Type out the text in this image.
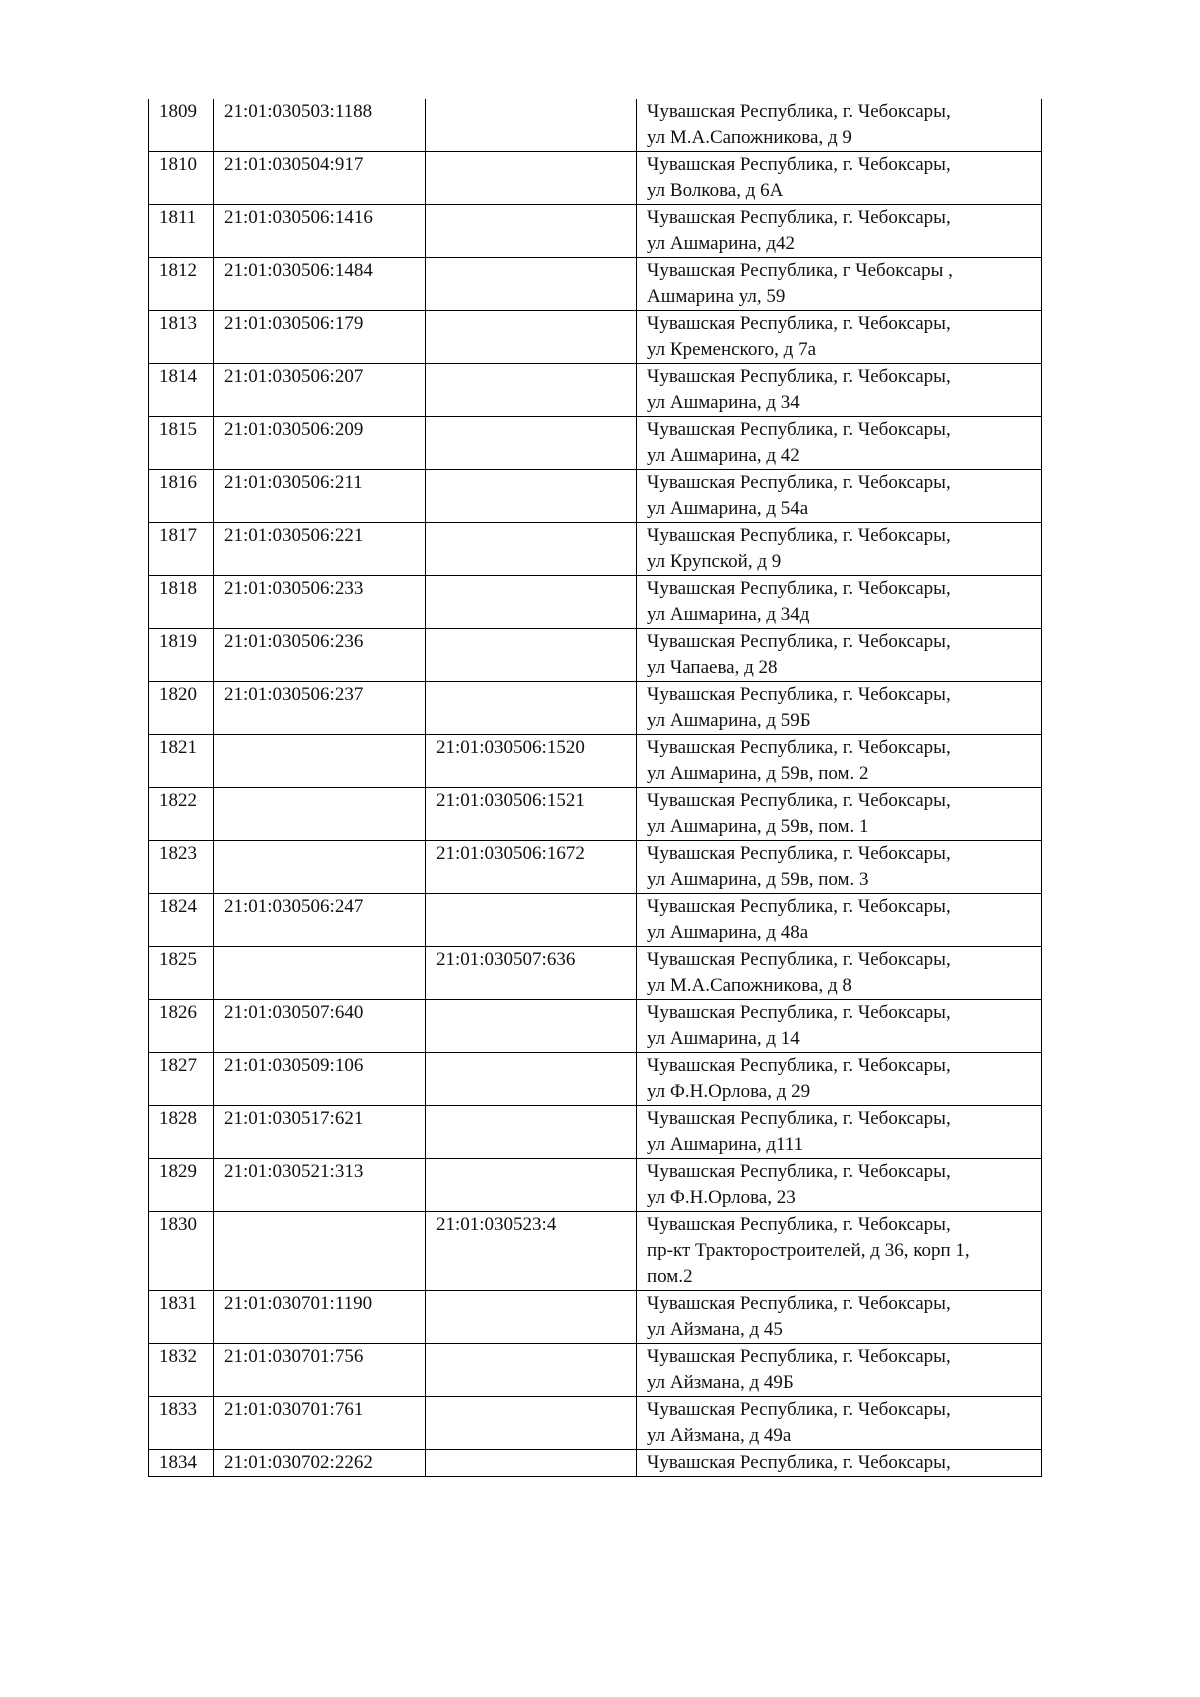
1809	21:01:030503:1188		Чувашская Республика, г. Чебоксары,
ул М.А.Сапожникова, д 9

1810	21:01:030504:917		Чувашская Республика, г. Чебоксары,
ул Волкова, д 6А

1811	21:01:030506:1416		Чувашская Республика, г. Чебоксары,
ул Ашмарина, д42

1812	21:01:030506:1484		Чувашская Республика, г Чебоксары ,
Ашмарина ул, 59

1813	21:01:030506:179		Чувашская Республика, г. Чебоксары,
ул Кременского, д 7а

1814	21:01:030506:207		Чувашская Республика, г. Чебоксары,
ул Ашмарина, д 34

1815	21:01:030506:209		Чувашская Республика, г. Чебоксары,
ул Ашмарина, д 42

1816	21:01:030506:211		Чувашская Республика, г. Чебоксары,
ул Ашмарина, д 54а

1817	21:01:030506:221		Чувашская Республика, г. Чебоксары,
ул Крупской, д 9

1818	21:01:030506:233		Чувашская Республика, г. Чебоксары,
ул Ашмарина, д 34д

1819	21:01:030506:236		Чувашская Республика, г. Чебоксары,
ул Чапаева, д 28

1820	21:01:030506:237		Чувашская Республика, г. Чебоксары,
ул Ашмарина, д 59Б

1821		21:01:030506:1520	Чувашская Республика, г. Чебоксары,
ул Ашмарина, д 59в, пом. 2

1822		21:01:030506:1521	Чувашская Республика, г. Чебоксары,
ул Ашмарина, д 59в, пом. 1

1823		21:01:030506:1672	Чувашская Республика, г. Чебоксары,
ул Ашмарина, д 59в, пом. 3

1824	21:01:030506:247		Чувашская Республика, г. Чебоксары,
ул Ашмарина, д 48а

1825		21:01:030507:636	Чувашская Республика, г. Чебоксары,
ул М.А.Сапожникова, д 8

1826	21:01:030507:640		Чувашская Республика, г. Чебоксары,
ул Ашмарина, д 14

1827	21:01:030509:106		Чувашская Республика, г. Чебоксары,
ул Ф.Н.Орлова, д 29

1828	21:01:030517:621		Чувашская Республика, г. Чебоксары,
ул Ашмарина, д111

1829	21:01:030521:313		Чувашская Республика, г. Чебоксары,
ул Ф.Н.Орлова, 23

1830		21:01:030523:4	Чувашская Республика, г. Чебоксары,
пр-кт Тракторостроителей, д 36, корп 1,
пом.2

1831	21:01:030701:1190		Чувашская Республика, г. Чебоксары,
ул Айзмана, д 45

1832	21:01:030701:756		Чувашская Республика, г. Чебоксары,
ул Айзмана, д 49Б

1833	21:01:030701:761		Чувашская Республика, г. Чебоксары,
ул Айзмана, д 49а

1834	21:01:030702:2262		Чувашская Республика, г. Чебоксары,
